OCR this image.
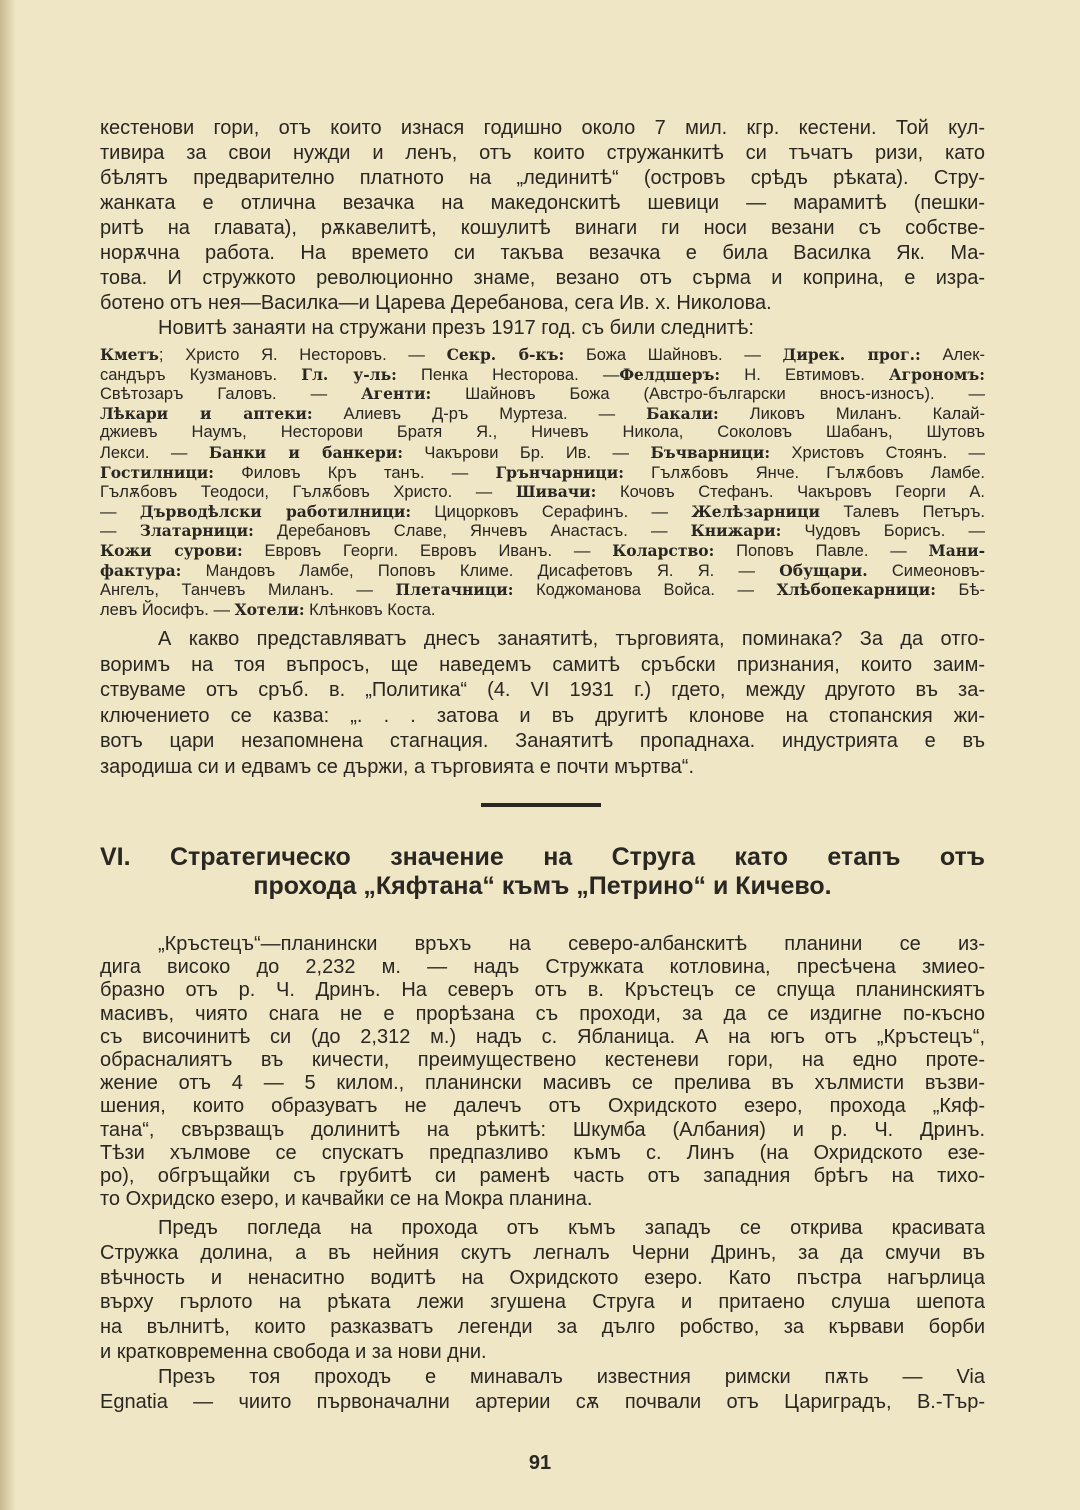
кестенови гори, отъ които изнася годишно около 7 мил. кгр. кестени. Той кул-
тивира за свои нужди и ленъ, отъ които стружанкитѣ си тъчатъ ризи, като
бѣлятъ предварително платното на „лединитѣ“ (островъ срѣдъ рѣката). Стру-
жанката е отлична везачка на македонскитѣ шевици — марамитѣ (пешки-
ритѣ на главата), рѫкавелитѣ, кошулитѣ винаги ги носи везани съ собстве-
норѫчна работа. На времето си такъва везачка е била Василка Як. Ма-
това. И стружкото революционно знаме, везано отъ сърма и коприна, е изра-
ботено отъ нея—Василка—и Царева Деребанова, сега Ив. х. Николова.
Новитѣ занаяти на стружани презъ 1917 год. съ били следнитѣ:
Кметъ; Христо Я. Несторовъ. — Секр. б-къ: Божа Шайновъ. — Дирек. прог.: Алек-
сандъръ Кузмановъ. Гл. у-ль: Пенка Несторова. —Фелдшеръ: Н. Евтимовъ. Агрономъ:
Свѣтозаръ Галовъ. — Агенти: Шайновъ Божа (Австро-български вносъ-износъ). —
Лѣкари и аптеки: Алиевъ Д-ръ Муртеза. — Бакали: Ликовъ Миланъ. Калай-
джиевъ Наумъ, Несторови Братя Я., Ничевъ Никола, Соколовъ Шабанъ, Шутовъ
Лекси. — Банки и банкери: Чакърови Бр. Ив. — Бъчварници: Христовъ Стоянъ. —
Гостилници: Филовъ Кръ танъ. — Грънчарници: Гълѫбовъ Янче. Гълѫбовъ Ламбе.
Гълѫбовъ Теодоси, Гълѫбовъ Христо. — Шивачи: Кочовъ Стефанъ. Чакъровъ Георги А.
— Дърводѣлски работилници: Цицорковъ Серафинъ. — Желѣзарници Талевъ Петъръ.
— Златарници: Деребановъ Славе, Янчевъ Анастасъ. — Книжари: Чудовъ Борисъ. —
Кожи сурови: Евровъ Георги. Евровъ Иванъ. — Коларство: Поповъ Павле. — Мани-
фактура: Мандовъ Ламбе, Поповъ Климе. Дисафетовъ Я. Я. — Обущари. Симеоновъ-
Ангелъ, Танчевъ Миланъ. — Плетачници: Коджоманова Войса. — Хлѣбопекарници: Бѣ-
левъ Йосифъ. — Хотели: Клѣнковъ Коста.
А какво представляватъ днесъ занаятитѣ, търговията, поминака? За да отго-
воримъ на тоя въпросъ, ще наведемъ самитѣ сръбски признания, които заим-
ствуваме отъ сръб. в. „Политика“ (4. VI 1931 г.) гдето, между другото въ за-
ключението се казва: „. . . затова и въ другитѣ клонове на стопанския жи-
вотъ цари незапомнена стагнация. Занаятитѣ пропаднаха. индустрията е въ
зародиша си и едвамъ се държи, а търговията е почти мъртва“.
VI. Стратегическо значение на Струга като етапъ отъ
прохода „Кяфтана“ къмъ „Петрино“ и Кичево.
„Кръстецъ“—планински връхъ на северо-албанскитѣ планини се из-
дига високо до 2,232 м. — надъ Стружката котловина, пресѣчена змиео-
бразно отъ р. Ч. Дринъ. На северъ отъ в. Кръстецъ се спуща планинскиятъ
масивъ, чиято снага не е прорѣзана съ проходи, за да се издигне по-късно
съ височинитѣ си (до 2,312 м.) надъ с. Ябланица. А на югъ отъ „Кръстецъ“,
обрасналиятъ въ кичести, преимуществено кестеневи гори, на едно проте-
жение отъ 4 — 5 килом., планински масивъ се прелива въ хълмисти възви-
шения, които образуватъ не далечъ отъ Охридското езеро, прохода „Кяф-
тана“, свързващъ долинитѣ на рѣкитѣ: Шкумба (Албания) и р. Ч. Дринъ.
Тѣзи хълмове се спускатъ предпазливо къмъ с. Линъ (на Охридското езе-
ро), обгръщайки съ грубитѣ си раменѣ часть отъ западния брѣгъ на тихо-
то Охридско езеро, и качвайки се на Мокра планина.
Предъ погледа на прохода отъ къмъ западъ се открива красивата
Стружка долина, а въ нейния скутъ легналъ Черни Дринъ, за да смучи въ
вѣчность и ненаситно водитѣ на Охридското езеро. Като пъстра нагърлица
върху гърлото на рѣката лежи згушена Струга и притаено слуша шепота
на вълнитѣ, които разказватъ легенди за дълго робство, за кървави борби
и кратковременна свобода и за нови дни.
Презъ тоя проходъ е минавалъ известния римски пѫть — Via
Egnatia — чиито първоначални артерии сѫ почвали отъ Цариградъ, В.-Тър-
91
